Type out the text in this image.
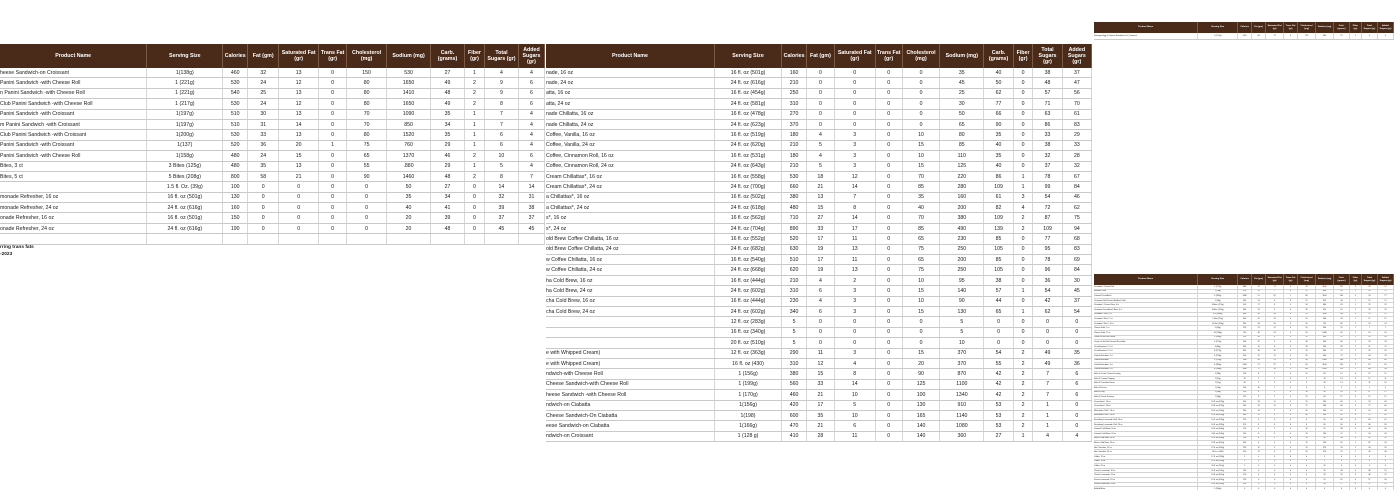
Product Name	Serving Size	Calories	Fat (gm)	Saturated Fat (gr)	Trans Fat (gr)	Cholesterol (mg)	Sodium (mg)	Carb. (grams)	Fiber (gr)	Total Sugars (gr)	Added Sugars (gr)
heese Sandwich-on Croissant	1(138g)	460	32	13	0	150	530	27	1	4	4
Panini Sandwich -with Cheese Roll	1 (221g)	530	24	12	0	80	1650	49	2	9	6
n Panini Sandwich -with Cheese Roll	1 (221g)	540	25	13	0	80	1410	48	2	9	6
Club Panini Sandwich -with Cheese Roll	1 (217g)	530	24	12	0	80	1650	49	2	8	6
Panini Sandwich -with Croissant	1(197g)	510	30	13	0	70	1090	35	1	7	4
m Panini Sandwich -with Croissant	1(197g)	510	31	14	0	70	850	34	1	7	4
Club Panini Sandwich -with Croissant	1(200g)	530	33	13	0	80	1520	35	1	6	4
Panini Sandwich -with Croissant	1(137)	520	36	20	1	75	760	29	1	6	4
Panini Sandwich -with Cheese Roll	1(158g)	480	24	15	0	65	1370	46	2	10	6
Bites, 3 ct	3 Bites (125g)	480	35	13	0	55	.880	29	1	5	4
Bites, 5 ct	5 Bites (208g)	800	58	21	0	90	1460	48	2	8	7
	1.5 fl. Oz. (39g)	100	0	0	0	0	50	27	0	14	14
monade Refresher, 16 oz	16 fl. oz (501g)	130	0	0	0	0	35	34	0	32	31
monade Refresher, 24 oz	24 fl. oz (616g)	160	0	0	0	0	40	41	0	39	38
onade Refresher, 16 oz	16 fl. oz (501g)	150	0	0	0	0	20	39	0	37	37
onade Refresher, 24 oz	24 fl. oz (616g)	190	0	0	0	0	20	48	0	45	45

rring trans fats
-2023
Product Name	Serving Size	Calories	Fat (gm)	Saturated Fat (gr)	Trans Fat (gr)	Cholesterol (mg)	Sodium (mg)	Carb. (grams)	Fiber (gr)	Total Sugars (gr)	Added Sugars (gr)
nade, 16 oz	16 fl. oz (501g)	160	0	0	0	0	35	40	0	38	37
nade, 24 oz	24 fl. oz (616g)	210	0	0	0	0	45	50	0	48	47
atta, 16 oz	16 fl. oz (454g)	250	0	0	0	0	25	62	0	57	56
atta, 24 oz	24 fl. oz (581g)	310	0	0	0	0	30	77	0	71	70
nade Chillatta, 16 oz	16 fl. oz (478g)	270	0	0	0	0	50	66	0	63	61
nade Chillatta, 24 oz	24 fl. oz (623g)	370	0	0	0	0	65	90	0	86	83
Coffee, Vanilla, 16 oz	16 fl. oz (519g)	180	4	3	0	10	80	35	0	33	29
Coffee, Vanilla, 24 oz	24 fl. oz (620g)	210	5	3	0	15	85	40	0	38	33
Coffee, Cinnamon Roll, 16 oz	16 fl. oz (531g)	180	4	3	0	10	110	35	0	32	28
Coffee, Cinnamon Roll, 24 oz	24 fl. oz (643g)	210	5	3	0	15	125	40	0	37	32
Cream Chillattas*, 16 oz	16 fl. oz (558g)	530	18	12	0	70	220	86	1	78	67
Cream Chillattas*, 24 oz	24 fl. oz (700g)	660	21	14	0	85	280	109	1	99	84
a Chillattas*, 16 oz	16 fl. oz (502g)	380	13	7	0	35	160	61	3	54	46
a Chillattas*, 24 oz	24 fl. oz (618g)	480	15	8	0	40	200	82	4	72	62
s*, 16 oz	16 fl. oz (562g)	710	27	14	0	70	380	109	2	87	75
s*, 24 oz	24 fl. oz (704g)	890	33	17	0	85	490	139	2	109	94
old Brew Coffee Chillatta, 16 oz	16 fl. oz (552g)	520	17	11	0	65	230	85	0	77	68
old Brew Coffee Chillatta, 24 oz	24 fl. oz (682g)	630	19	13	0	75	250	105	0	95	83
w Coffee Chillatta, 16 oz	16 fl. oz (540g)	510	17	11	0	65	200	85	0	78	69
w Coffee Chillatta, 24 oz	24 fl. oz (668g)	620	19	13	0	75	250	105	0	96	84
ha Cold Brew, 16 oz	16 fl. oz (444g)	210	4	2	0	10	95	38	0	36	30
ha Cold Brew, 24 oz	24 fl. oz (602g)	310	6	3	0	15	140	57	1	54	45
cha Cold Brew, 16 oz	16 fl. oz (444g)	230	4	3	0	10	90	44	0	42	37
cha Cold Brew, 24 oz	24 fl. oz (602g)	340	6	3	0	15	130	65	1	62	54
	12 fl. oz (283g)	5	0	0	0	0	5	0	0	0	0
	16 fl. oz (340g)	5	0	0	0	0	5	0	0	0	0
	20 fl. oz (510g)	5	0	0	0	0	10	0	0	0	0
e with Whipped Cream)	12 fl. oz (363g)	290	11	3	0	15	370	54	2	49	35
e with Whipped Cream)	16 fl. oz (430)	310	12	4	0	20	370	55	2	49	36
ndwich-with Cheese Roll	1 (156g)	380	15	8	0	90	870	42	2	7	6
Cheese Sandwich-with Cheese Roll	1 (199g)	560	33	14	0	125	1100	42	2	7	6
heese Sandwich -with Cheese Roll	1 (170g)	460	21	10	0	100	1340	42	2	7	6
ndwich-on Ciabatta	1(156g)	420	17	5	0	130	910	53	2	1	0
Cheese Sandwich-On Ciabatta	1(198)	600	35	10	0	165	1140	53	2	1	0
eese Sandwich-on Ciabatta	1(166g)	470	21	6	0	140	1080	53	2	1	0
ndwich-on Croissant	1 (128 g)	410	28	11	0	140	360	27	1	4	4
Product Name	Serving Size	Calories	Fat (gm)	Saturated Fat (gr)	Trans Fat (gr)	Cholesterol (mg)	Sodium (mg)	Carb. (grams)	Fiber (gr)	Total Sugars (gr)	Added Sugars (gr)
Sausage Egg & Cheese Sandwich-On Croissant	1 (175g)	590	46	17	0	170	900	27	1	4	4
Product Name	Serving Size	Calories	Fat (gm)	Saturated Fat (gr)	Trans Fat (gr)	Cholesterol (mg)	Sodium (mg)	Carb. (grams)	Fiber (gr)	Total Sugars (gr)	Added Sugars (gr)
Cinnabon® Classic Roll	1 (272g)	880	37	17	0	70	1100	127	3	58	57
MiniBon® Roll	1 (78g)	350	15	7	0	25	440	50	1	23	22
Caramel PecanBon®	1 (289g)	1080	51	20	1	80	1100	143	5	78	77
Cinnamon Roll Classic MiniBon® Roll	1 (78g)	330	13	6	0	25	420	48	1	22	21
Cinnabon® Classic Bites, 4 ct	4 Bites (125g)	410	17	8	0	30	480	63	1	29	29
Cinnamon PecanBon® Bites, 4 ct	4 Bites (125g)	460	23	9	0	35	470	61	2	32	31
Cinnabon® Roll, 4 ct	4 ct (360g)	880	40	18	0	70	1100	118	3	53	52
Cinnabon® Stix®, 5 ct	5 Stix (112g)	400	22	13	0	25	360	43	1	12	12
Cinnabon® Stix®, 10 ct	10 Stix (224g)	800	44	26	0	50	720	86	2	24	24
Cheese Stixlr, 5 ct	5 (99g)	370	23	12	0	25	540	31	1	7	7
Cheese Stixlr, 10 ct	10 (198g)	740	46	24	0	50	1080	62	2	14	14
Center of the Roll Classic	1 (100g)	370	16	8	0	25	420	52	1	25	24
Center of the Roll Caramel PecanBon	1 (121g)	460	22	9	0	30	440	60	2	34	33
CinnaSweeties™, 4 ct	4 (86g)	330	19	8	0	35	230	36	1	21	21
CinnaSweeties™, 8 ct	8 (172g)	660	38	16	0	70	460	72	2	42	42
Cookie Butterbon, 4 ct	4 (133g)	550	25	11	0	45	540	73	1	34	33
Cookie Butterbon	1 (278g)	1100	50	23	0	90	1080	146	3	68	66
Cookie Butterbon, 4 ct	4 (360g)	1100	51	22	0	90	1100	141	3	67	65
Cookie Butterbon, 6 ct	6 (540g)	1650	77	33	0	135	1650	212	5	101	98
Side of Cream Cheese Frosting	1 (28g)	120	8	5	0	15	60	12	0	12	12
Side of Caramel Topping	1 (21g)	70	2	1	0	5	70	14	0	12	11
Side of Chocolate Sauce	1 (21g)	60	1	0	0	0	30	13	0	11	10
Side of Pecans	1 (14g)	100	10	1	0	0	0	2	1	1	0
Side of Icing	1 (28g)	110	4	2	0	10	45	18	0	17	17
Side of Classic Frosting	1 (28g)	120	8	5	0	15	60	12	0	12	12
Cinnachino®, 16 oz	16 fl. oz (478g)	420	18	11	0	55	135	60	0	54	45
Cinnachino®, 24 oz	24 fl. oz (623g)	560	24	15	0	75	180	80	0	72	60
Mochalatta Chill®, 16 oz	16 fl. oz (502g)	380	13	7	0	35	160	61	3	54	46
Mochalatta Chill®, 24 oz	24 fl. oz (618g)	480	15	8	0	40	200	82	4	72	62
Strawberry Lemonade Chill, 16 oz	16 fl. oz (478g)	270	0	0	0	0	50	66	0	63	61
Strawberry Lemonade Chill, 24 oz	24 fl. oz (623g)	370	0	0	0	0	65	90	0	86	83
Caramel Cold Brew, 16 oz	16 fl. oz (444g)	210	4	2	0	10	95	38	0	36	30
Caramel Cold Brew, 24 oz	24 fl. oz (602g)	310	6	3	0	15	140	57	1	54	45
Mocha Cold Brew, 16 oz	16 fl. oz (444g)	230	4	3	0	10	90	44	0	42	37
Mocha Cold Brew, 24 oz	24 fl. oz (602g)	340	6	3	0	15	130	65	1	62	54
Hot Chocolate, 12 oz	12 fl. oz (363g)	290	11	3	0	15	370	54	2	49	35
Hot Chocolate, 16 oz	16 fl. oz (430)	310	12	4	0	20	370	55	2	49	36
Coffee, 12 oz	12 fl. oz (283g)	5	0	0	0	0	5	0	0	0	0
Coffee, 16 oz	16 fl. oz (340g)	5	0	0	0	0	5	0	0	0	0
Coffee, 20 oz	20 fl. oz (510g)	5	0	0	0	0	10	0	0	0	0
Classic Lemonade, 16 oz	16 fl. oz (501g)	160	0	0	0	0	35	40	0	38	37
Classic Lemonade, 24 oz	24 fl. oz (616g)	210	0	0	0	0	45	50	0	48	47
Frozen Lemonade, 16 oz	16 fl. oz (454g)	250	0	0	0	0	25	62	0	57	56
Frozen Lemonade, 24 oz	24 fl. oz (581g)	310	0	0	0	0	30	77	0	71	70
Bottled Water	1 (500g)	0	0	0	0	0	0	0	0	0	0
